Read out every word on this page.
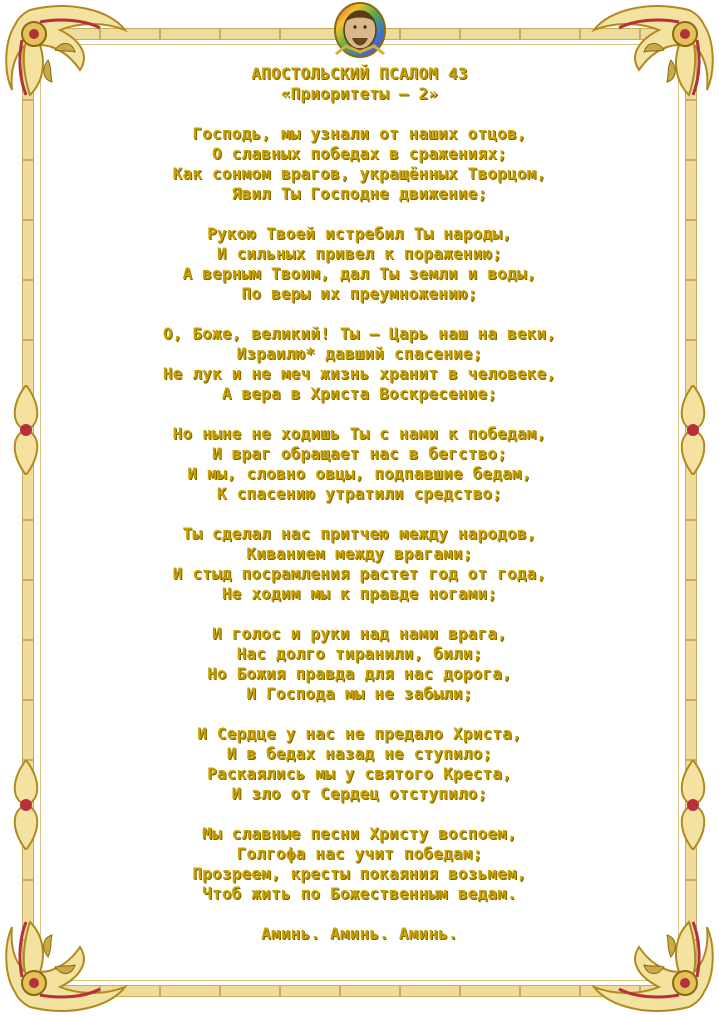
АПОСТОЛЬСКИЙ ПСАЛОМ 43
«Приоритеты – 2»
Господь, мы узнали от наших отцов,
О славных победах в сражениях;
Как сонмом врагов, укращённых Творцом,
Явил Ты Господне движение;
Рукою Твоей истребил Ты народы,
И сильных привел к поражению;
А верным Твоим, дал Ты земли и воды,
По веры их преумножению;
О, Боже, великий! Ты – Царь наш на веки,
Израилю* давший спасение;
Не лук и не меч жизнь хранит в человеке,
А вера в Христа Воскресение;
Но ныне не ходишь Ты с нами к победам,
И враг обращает нас в бегство;
И мы, словно овцы, подпавшие бедам,
К спасению утратили средство;
Ты сделал нас притчею между народов,
Киванием между врагами;
И стыд посрамления растет год от года,
Не ходим мы к правде ногами;
И голос и руки над нами врага,
Нас долго тиранили, били;
Но Божия правда для нас дорога,
И Господа мы не забыли;
И Сердце у нас не предало Христа,
И в бедах назад не ступило;
Раскаялись мы у святого Креста,
И зло от Сердец отступило;
Мы славные песни Христу воспоем,
Голгофа нас учит победам;
Прозреем, кресты покаяния возьмем,
Чтоб жить по Божественным ведам.
Аминь. Аминь. Аминь.
